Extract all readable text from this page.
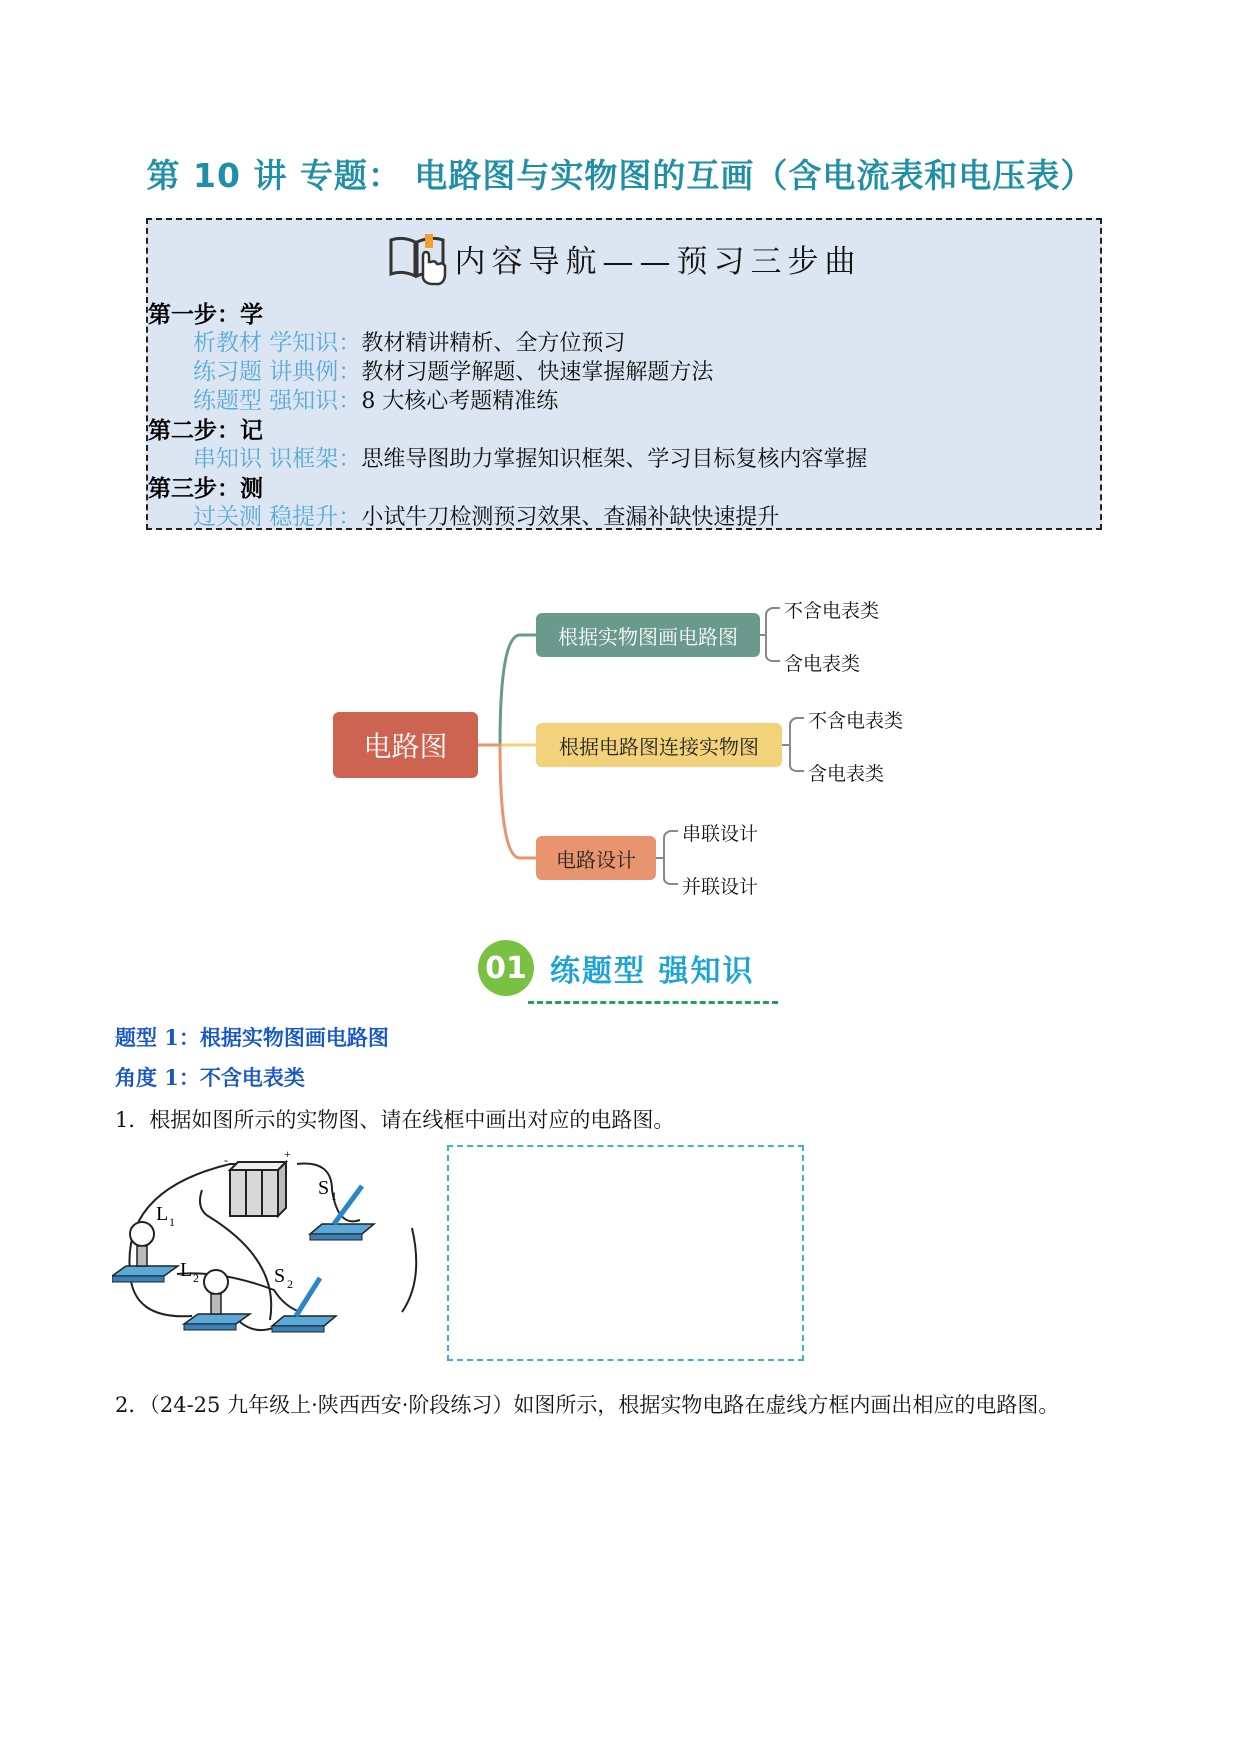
第 10 讲 专题： 电路图与实物图的互画（含电流表和电压表）
内容导航——预习三步曲
第一步：学
析教材 学知识：教材精讲精析、全方位预习
练习题 讲典例：教材习题学解题、快速掌握解题方法
练题型 强知识：8 大核心考题精准练
第二步：记
串知识 识框架：思维导图助力掌握知识框架、学习目标复核内容掌握
第三步：测
过关测 稳提升：小试牛刀检测预习效果、查漏补缺快速提升
电路图
根据实物图画电路图
根据电路图连接实物图
电路设计
不含电表类
含电表类
不含电表类
含电表类
串联设计
并联设计
01 练题型 强知识
题型 1：根据实物图画电路图
角度 1：不含电表类
1．根据如图所示的实物图、请在线框中画出对应的电路图。
-	+
L 1
L 2
S 1
S 2
2．（24-25 九年级上·陕西西安·阶段练习）如图所示，根据实物电路在虚线方框内画出相应的电路图。
